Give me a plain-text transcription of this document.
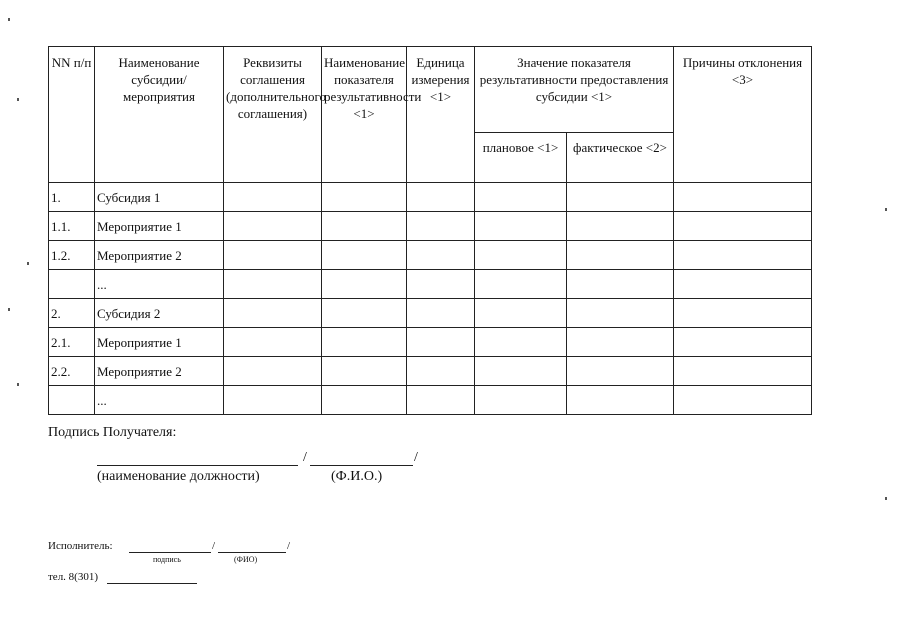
NN п/п	Наименование субсидии/мероприятия	Реквизиты соглашения (дополнительного соглашения)	Наименование показателя результативности <1>	Единица измерения <1>	Значение показателя результативности предоставления субсидии <1>		Причины отклонения <3>
					плановое <1>	фактическое <2>	
1.	Субсидия 1						
1.1.	Мероприятие 1						
1.2.	Мероприятие 2						
	...						
2.	Субсидия 2						
2.1.	Мероприятие 1						
2.2.	Мероприятие 2						
	...						
Подпись Получателя:
/	/
(наименование должности)	(Ф.И.О.)
Исполнитель:	/	/
подпись	(ФИО)
тел. 8(301)
